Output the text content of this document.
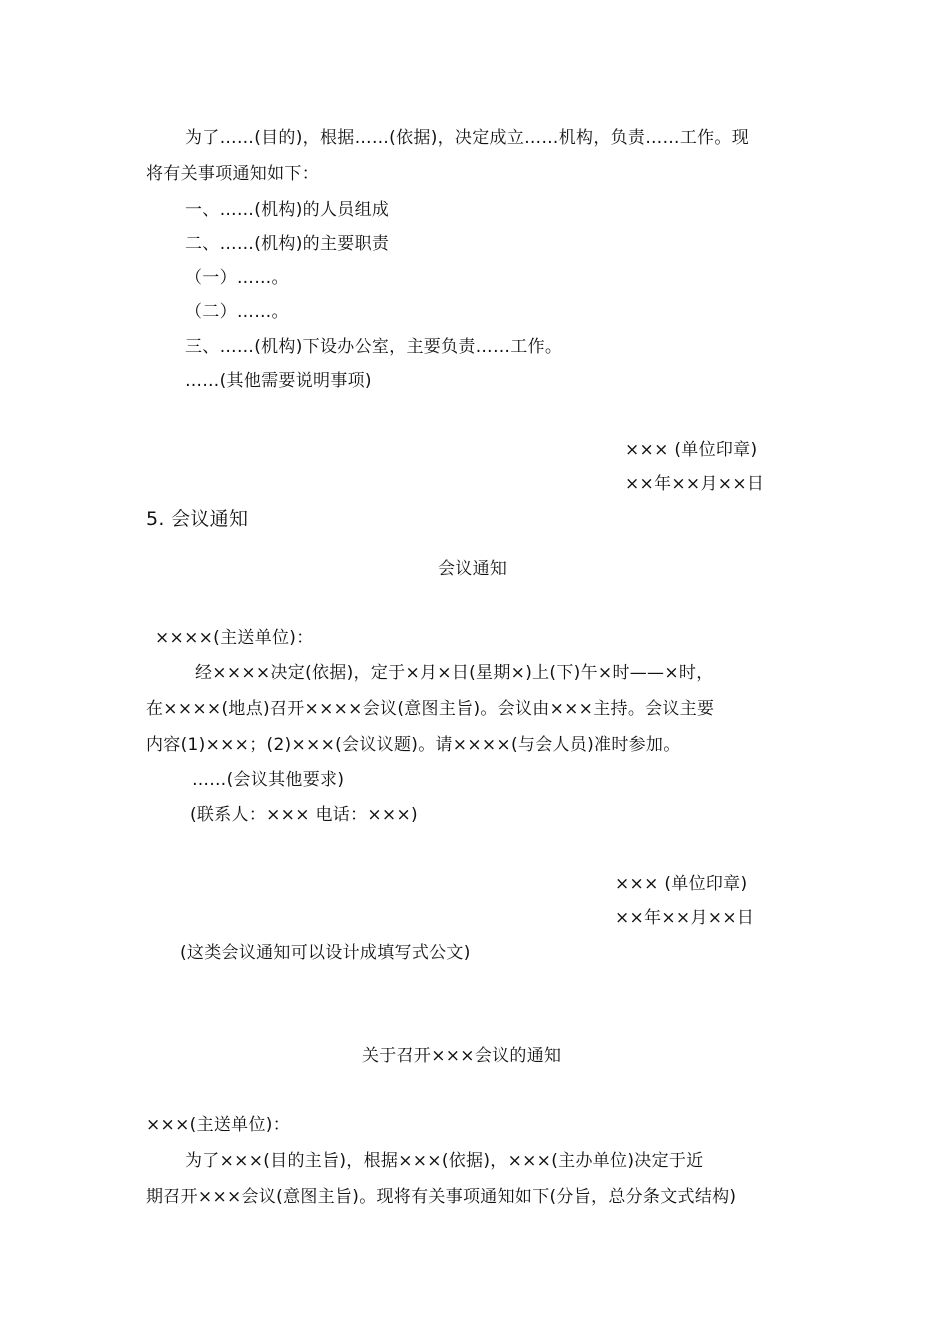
为了……(目的)，根据……(依据)，决定成立……机构，负责……工作。现
将有关事项通知如下：
一、……(机构)的人员组成
二、……(机构)的主要职责
（一）……。
（二）……。
三、……(机构)下设办公室，主要负责……工作。
……(其他需要说明事项)
××× (单位印章)
××年××月××日
5. 会议通知
会议通知
××××(主送单位)：
经××××决定(依据)，定于×月×日(星期×)上(下)午×时——×时，
在××××(地点)召开××××会议(意图主旨)。会议由×××主持。会议主要
内容(1)×××；(2)×××(会议议题)。请××××(与会人员)准时参加。
……(会议其他要求)
(联系人：××× 电话：×××)
××× (单位印章)
××年××月××日
(这类会议通知可以设计成填写式公文)
关于召开×××会议的通知
×××(主送单位)：
为了×××(目的主旨)，根据×××(依据)，×××(主办单位)决定于近
期召开×××会议(意图主旨)。现将有关事项通知如下(分旨，总分条文式结构)
